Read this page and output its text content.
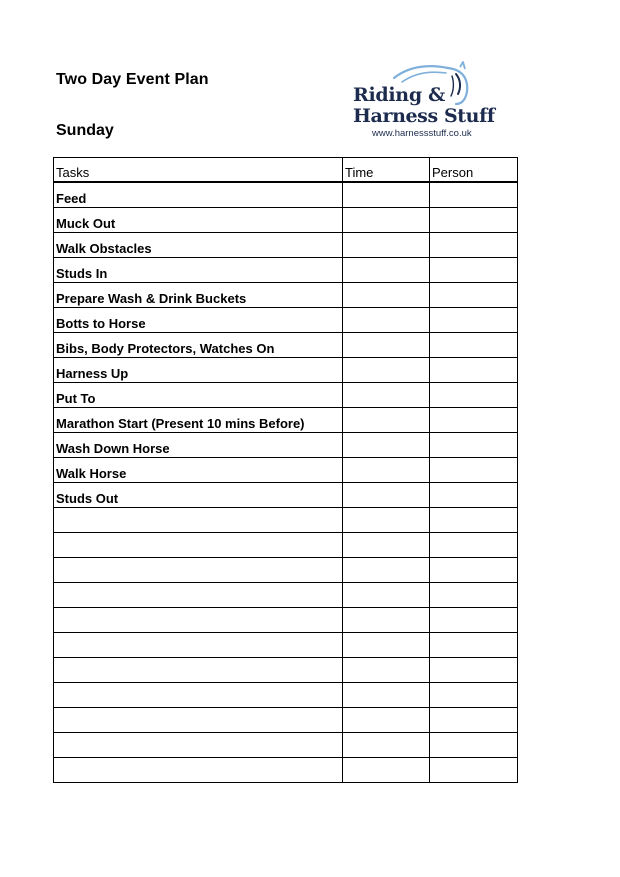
Two Day Event Plan
Sunday
Riding &
Harness Stuff
www.harnessstuff.co.uk
Tasks	Time	Person
Feed		
Muck Out		
Walk Obstacles		
Studs In		
Prepare Wash & Drink Buckets		
Botts to Horse		
Bibs, Body Protectors, Watches On		
Harness Up		
Put To		
Marathon Start (Present 10 mins Before)		
Wash Down Horse		
Walk Horse		
Studs Out		
